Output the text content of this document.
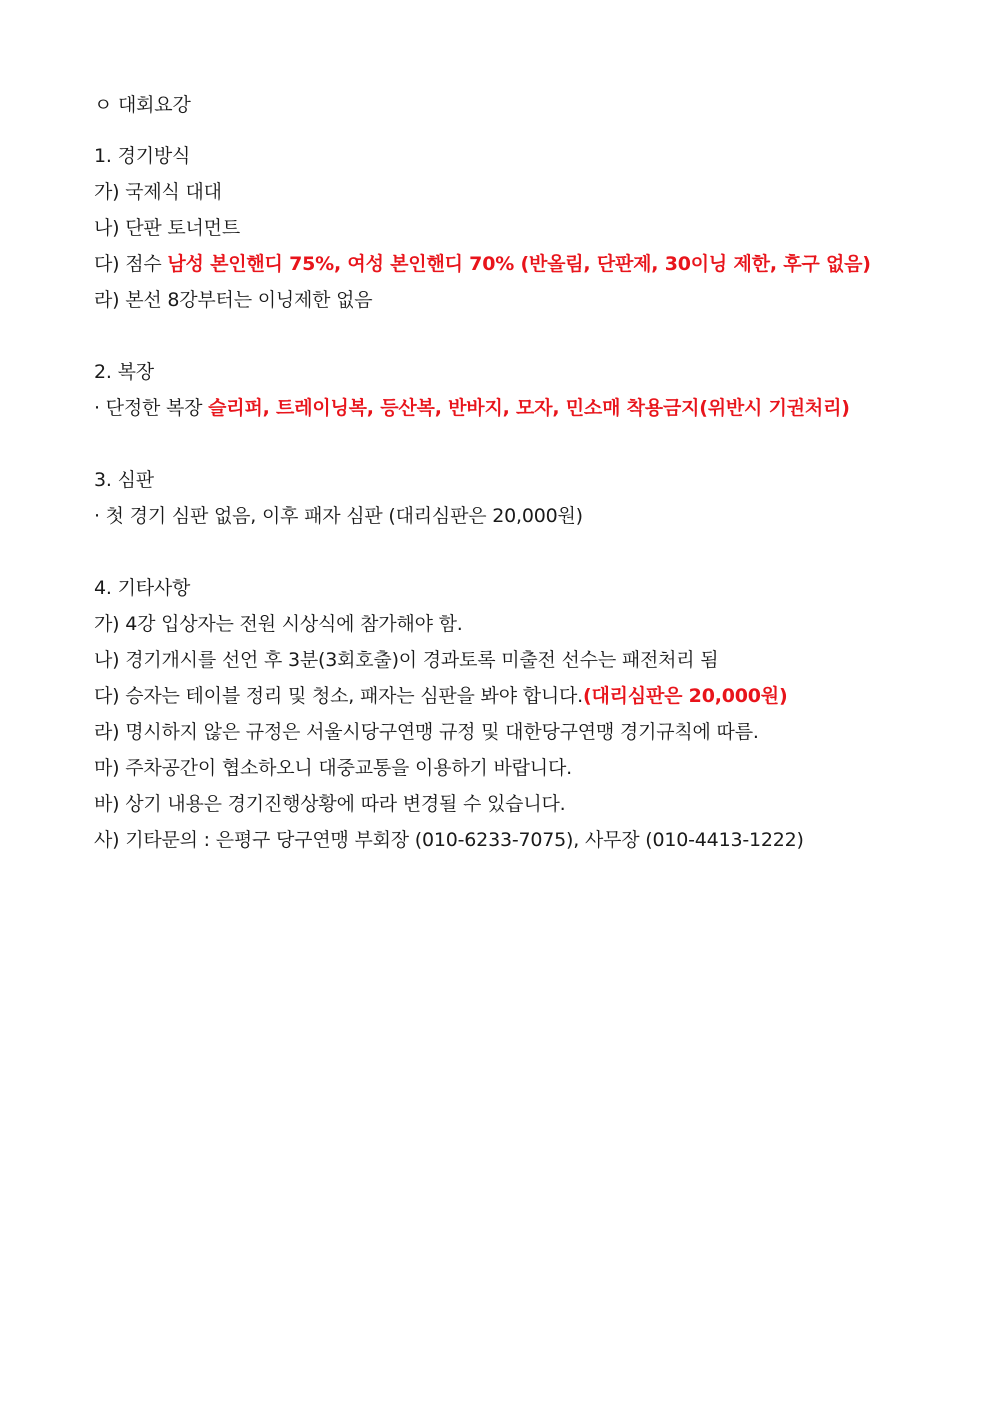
ㅇ 대회요강
1. 경기방식
가) 국제식 대대
나) 단판 토너먼트
다) 점수 남성 본인핸디 75%, 여성 본인핸디 70% (반올림, 단판제, 30이닝 제한, 후구 없음)
라) 본선 8강부터는 이닝제한 없음
2. 복장
· 단정한 복장 슬리퍼, 트레이닝복, 등산복, 반바지, 모자, 민소매 착용금지(위반시 기권처리)
3. 심판
· 첫 경기 심판 없음, 이후 패자 심판 (대리심판은 20,000원)
4. 기타사항
가) 4강 입상자는 전원 시상식에 참가해야 함.
나) 경기개시를 선언 후 3분(3회호출)이 경과토록 미출전 선수는 패전처리 됨
다) 승자는 테이블 정리 및 청소, 패자는 심판을 봐야 합니다.(대리심판은 20,000원)
라) 명시하지 않은 규정은 서울시당구연맹 규정 및 대한당구연맹 경기규칙에 따름.
마) 주차공간이 협소하오니 대중교통을 이용하기 바랍니다.
바) 상기 내용은 경기진행상황에 따라 변경될 수 있습니다.
사) 기타문의 : 은평구 당구연맹 부회장 (010-6233-7075), 사무장 (010-4413-1222)
